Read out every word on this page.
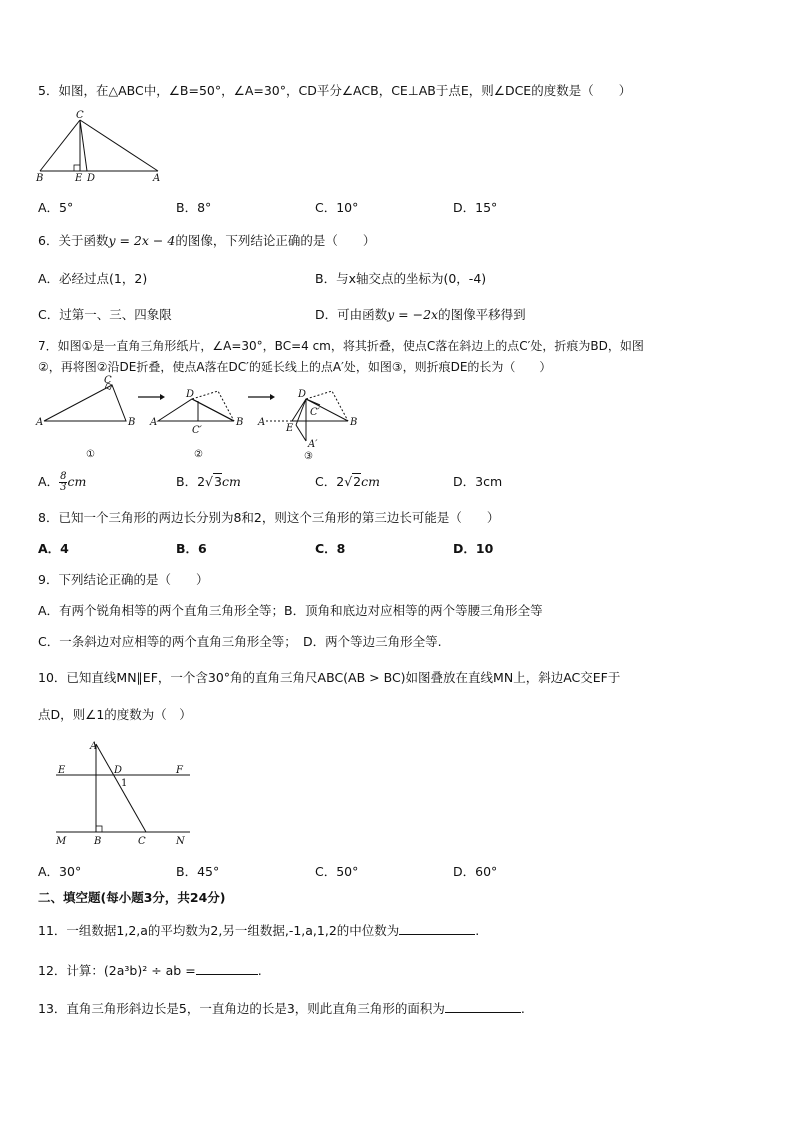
5．如图，在△ABC中，∠B=50°，∠A=30°，CD平分∠ACB，CE⊥AB于点E，则∠DCE的度数是（　　）
C
B	E D	A
A．5°	B．8°	C．10°	D．15°
6．关于函数y = 2x − 4的图像，下列结论正确的是（　　）
A．必经过点(1，2)	B．与x轴交点的坐标为(0，-4)
C．过第一、三、四象限	D．可由函数y = −2x的图像平移得到
7．如图①是一直角三角形纸片，∠A=30°，BC=4 cm，将其折叠，使点C落在斜边上的点C′处，折痕为BD，如图
②，再将图②沿DE折叠，使点A落在DC′的延长线上的点A′处，如图③，则折痕DE的长为（　　）
C
A	B
①
D
A	B
C′
②
D
A
E
C′
B
A′
③
A． $\frac{8}{3}$ cm	B．2√3cm	C．2√2cm	D．3cm
8．已知一个三角形的两边长分别为8和2，则这个三角形的第三边长可能是（　　）
A．4	B．6	C．8	D．10
9．下列结论正确的是（　　）
A．有两个锐角相等的两个直角三角形全等；B．顶角和底边对应相等的两个等腰三角形全等
C．一条斜边对应相等的两个直角三角形全等；　D．两个等边三角形全等.
10．已知直线MN∥EF，一个含30°角的直角三角尺ABC(AB > BC)如图叠放在直线MN上，斜边AC交EF于
点D，则∠1的度数为（　）
A
E	D	F
1
M	B	C	N
A．30°	B．45°	C．50°	D．60°
二、填空题(每小题3分，共24分)
11．一组数据1,2,a的平均数为2,另一组数据,-1,a,1,2的中位数为	.
12．计算：(2a³b)² ÷ ab =	.
13．直角三角形斜边长是5，一直角边的长是3，则此直角三角形的面积为	.
